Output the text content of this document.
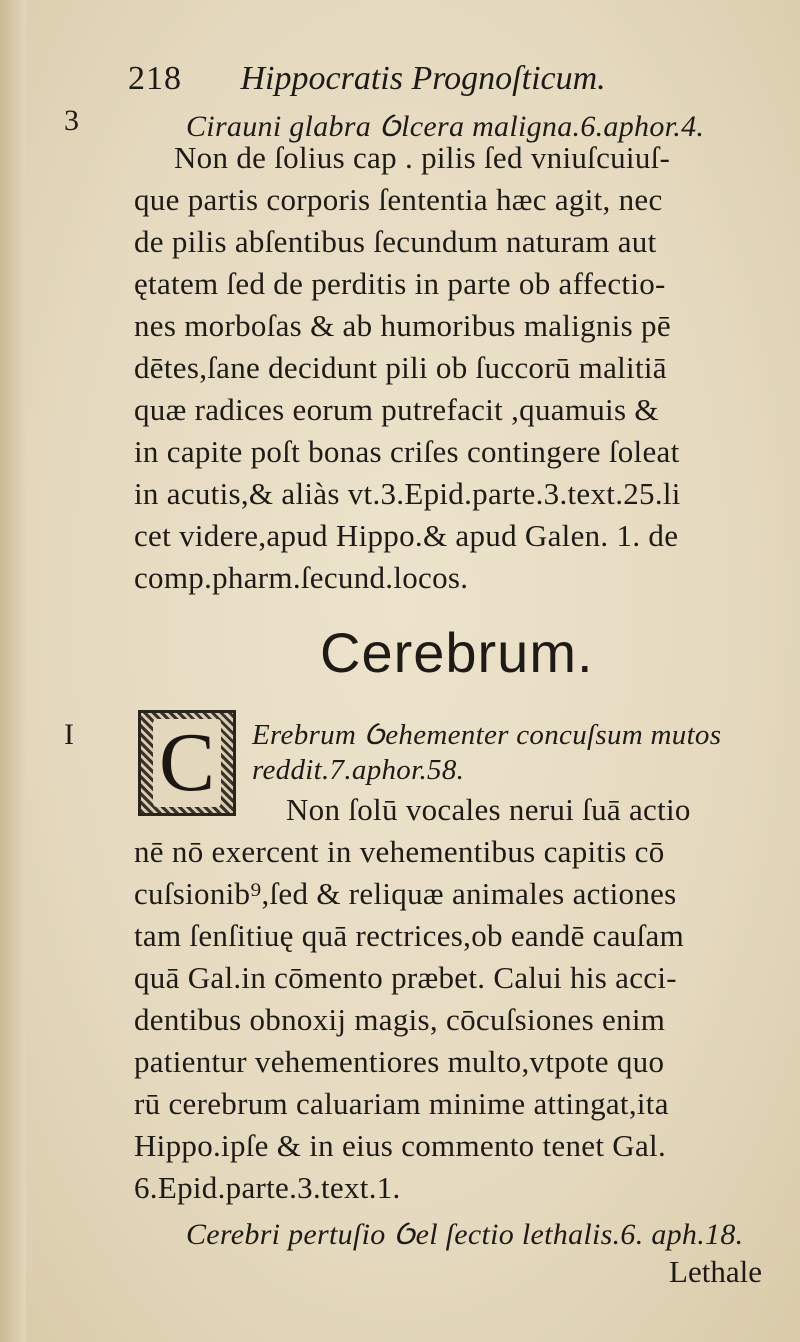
218 Hippocratis Prognoſticum.
3	Cirauni glabra Ỽlcera maligna.6.aphor.4.
Non de ſolius cap . pilis ſed vniuſcuiuſ-
que partis corporis ſententia hæc agit, nec
de pilis abſentibus ſecundum naturam aut
ętatem ſed de perditis in parte ob affectio-
nes morboſas & ab humoribus malignis pē
dētes,ſane decidunt pili ob ſuccorū malitiā
quæ radices eorum putrefacit ,quamuis &
in capite poſt bonas criſes contingere ſoleat
in acutis,& aliàs vt.3.Epid.parte.3.text.25.li
cet videre,apud Hippo.& apud Galen. 1. de
comp.pharm.ſecund.locos.
Cerebrum.
I C Erebrum Ỽehementer concuſsum mutos
reddit.7.aphor.58.
Non ſolū vocales nerui ſuā actio
nē nō exercent in vehementibus capitis cō
cuſsionib⁹,ſed & reliquæ animales actiones
tam ſenſitiuę quā rectrices,ob eandē cauſam
quā Gal.in cōmento præbet. Calui his acci-
dentibus obnoxij magis, cōcuſsiones enim
patientur vehementiores multo,vtpote quo
rū cerebrum caluariam minime attingat,ita
Hippo.ipſe & in eius commento tenet Gal.
6.Epid.parte.3.text.1.
Cerebri pertuſio Ỽel ſectio lethalis.6. aph.18.
Lethale
